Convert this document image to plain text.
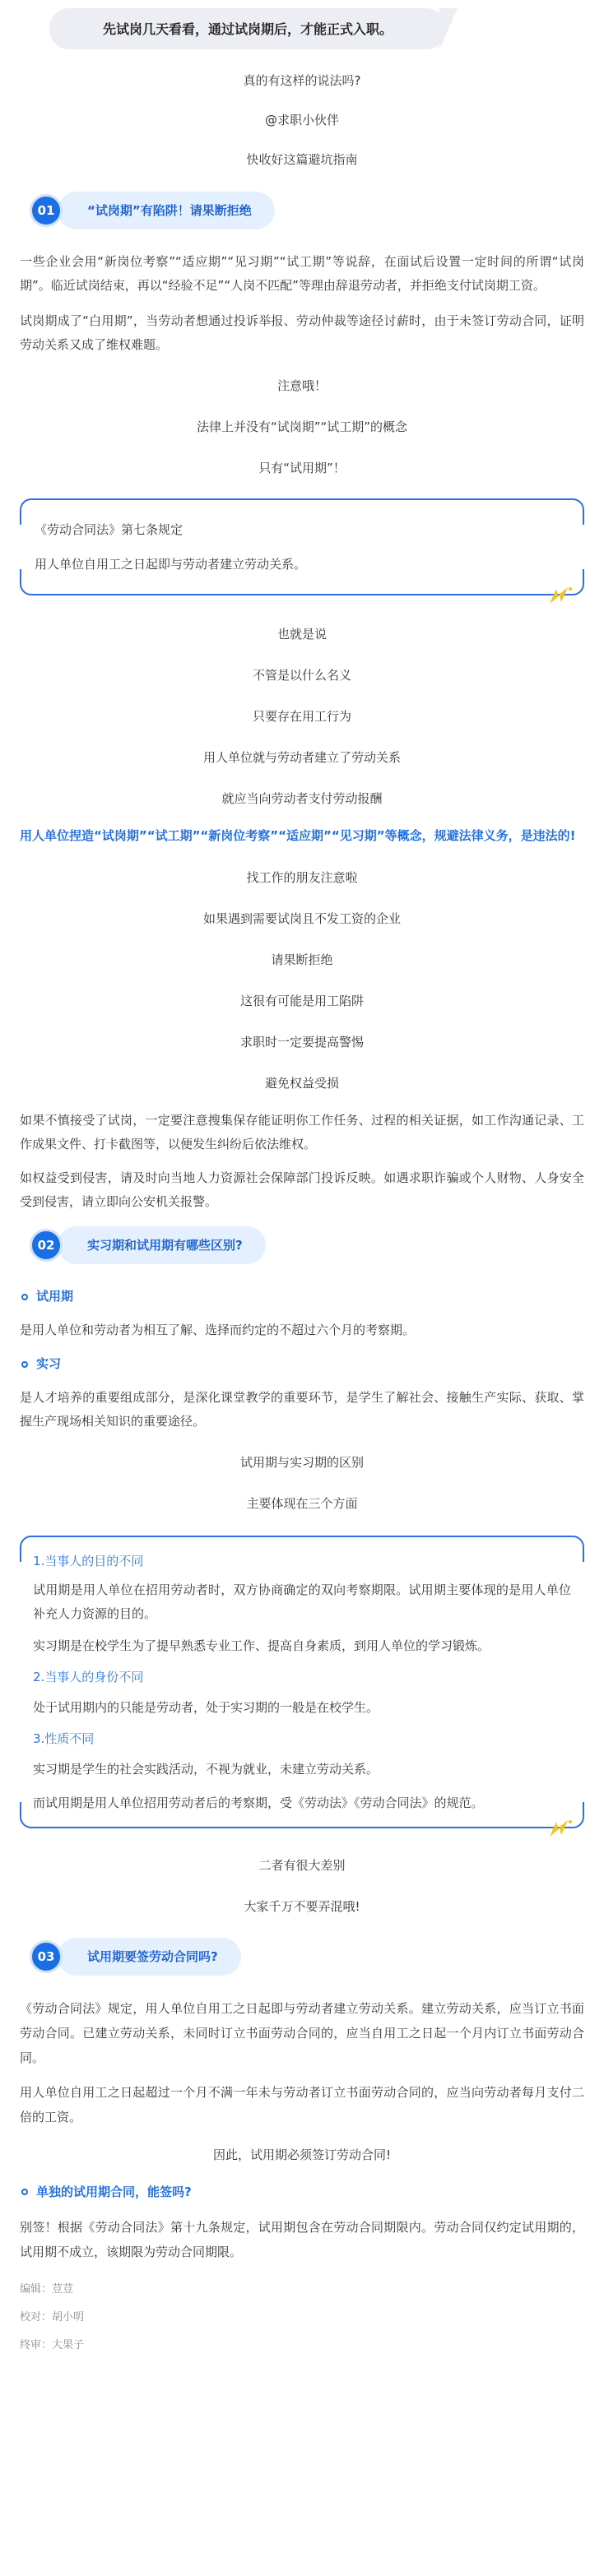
先试岗几天看看，通过试岗期后，才能正式入职。

真的有这样的说法吗?

@求职小伙伴

快收好这篇避坑指南

01	“试岗期”有陷阱！请果断拒绝

一些企业会用“新岗位考察”“适应期”“见习期”“试工期”等说辞，在面试后设置一定时间的所谓“试岗期”。临近试岗结束，再以“经验不足”“人岗不匹配”等理由辞退劳动者，并拒绝支付试岗期工资。

试岗期成了“白用期”，当劳动者想通过投诉举报、劳动仲裁等途径讨薪时，由于未签订劳动合同，证明劳动关系又成了维权难题。

注意哦！

法律上并没有“试岗期”“试工期”的概念

只有“试用期”！

《劳动合同法》第七条规定

用人单位自用工之日起即与劳动者建立劳动关系。

也就是说

不管是以什么名义

只要存在用工行为

用人单位就与劳动者建立了劳动关系

就应当向劳动者支付劳动报酬

用人单位捏造“试岗期”“试工期”“新岗位考察”“适应期”“见习期”等概念，规避法律义务，是违法的!

找工作的朋友注意啦

如果遇到需要试岗且不发工资的企业

请果断拒绝

这很有可能是用工陷阱

求职时一定要提高警惕

避免权益受损

如果不慎接受了试岗，一定要注意搜集保存能证明你工作任务、过程的相关证据，如工作沟通记录、工作成果文件、打卡截图等，以便发生纠纷后依法维权。

如权益受到侵害，请及时向当地人力资源社会保障部门投诉反映。如遇求职诈骗或个人财物、人身安全受到侵害，请立即向公安机关报警。

02	实习期和试用期有哪些区别?

试用期

是用人单位和劳动者为相互了解、选择而约定的不超过六个月的考察期。

实习

是人才培养的重要组成部分，是深化课堂教学的重要环节，是学生了解社会、接触生产实际、获取、掌握生产现场相关知识的重要途径。

试用期与实习期的区别

主要体现在三个方面

1.当事人的目的不同

试用期是用人单位在招用劳动者时，双方协商确定的双向考察期限。试用期主要体现的是用人单位补充人力资源的目的。

实习期是在校学生为了提早熟悉专业工作、提高自身素质，到用人单位的学习锻炼。

2.当事人的身份不同

处于试用期内的只能是劳动者，处于实习期的一般是在校学生。

3.性质不同

实习期是学生的社会实践活动，不视为就业，未建立劳动关系。

而试用期是用人单位招用劳动者后的考察期，受《劳动法》《劳动合同法》的规范。

二者有很大差别

大家千万不要弄混哦!

03	试用期要签劳动合同吗?

《劳动合同法》规定，用人单位自用工之日起即与劳动者建立劳动关系。建立劳动关系，应当订立书面劳动合同。已建立劳动关系，未同时订立书面劳动合同的，应当自用工之日起一个月内订立书面劳动合同。

用人单位自用工之日起超过一个月不满一年未与劳动者订立书面劳动合同的，应当向劳动者每月支付二倍的工资。

因此，试用期必须签订劳动合同!

单独的试用期合同，能签吗?

别签！根据《劳动合同法》第十九条规定，试用期包含在劳动合同期限内。劳动合同仅约定试用期的，试用期不成立，该期限为劳动合同期限。

编辑：荳荳

校对：胡小明

终审：大果子
